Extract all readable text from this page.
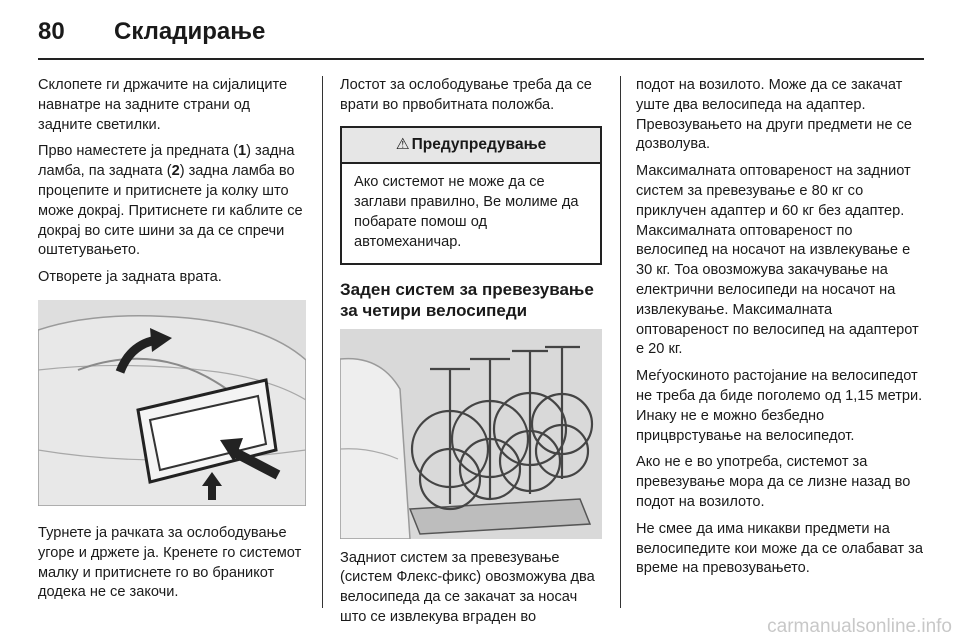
80 Складирање

Склопете ги држачите на сијалиците навнатре на задните страни од задните светилки.

Прво наместете ја предната (1) задна ламба, па задната (2) задна ламба во процепите и притиснете ја колку што може докрај. Притиснете ги каблите се докрај во сите шини за да се спречи оштетувањето.

Отворете ја задната врата.

Турнете ја рачката за ослободување угоре и држете ја. Кренете го системот малку и притиснете го во браникот додека не се закочи.

Лостот за ослободување треба да се врати во првобитната положба.

⚠ Предупредување
Ако системот не може да се заглави правилно, Ве молиме да побарате помош од автомеханичар.
Заден систем за превезување за четири велосипеди

Задниот систем за превезување (систем Флекс-фикс) овозможува два велосипеда да се закачат за носач што се извлекува вграден во

подот на возилото. Може да се закачат уште два велосипеда на адаптер. Превозувањето на други предмети не се дозволува.

Максималната оптовареност на задниот систем за превезување е 80 кг со приклучен адаптер и 60 кг без адаптер. Максималната оптовареност по велосипед на носачот на извлекување е 30 кг. Тоа овозможува закачување на електрични велосипеди на носачот на извлекување. Максималната оптовареност по велосипед на адаптерот е 20 кг.

Меѓуоскиното растојание на велосипедот не треба да биде поголемо од 1,15 метри. Инаку не е можно безбедно прицврстување на велосипедот.

Ако не е во употреба, системот за превезување мора да се лизне назад во подот на возилото.

Не смее да има никакви предмети на велосипедите кои може да се олабават за време на превозувањето.

carmanualsonline.info
